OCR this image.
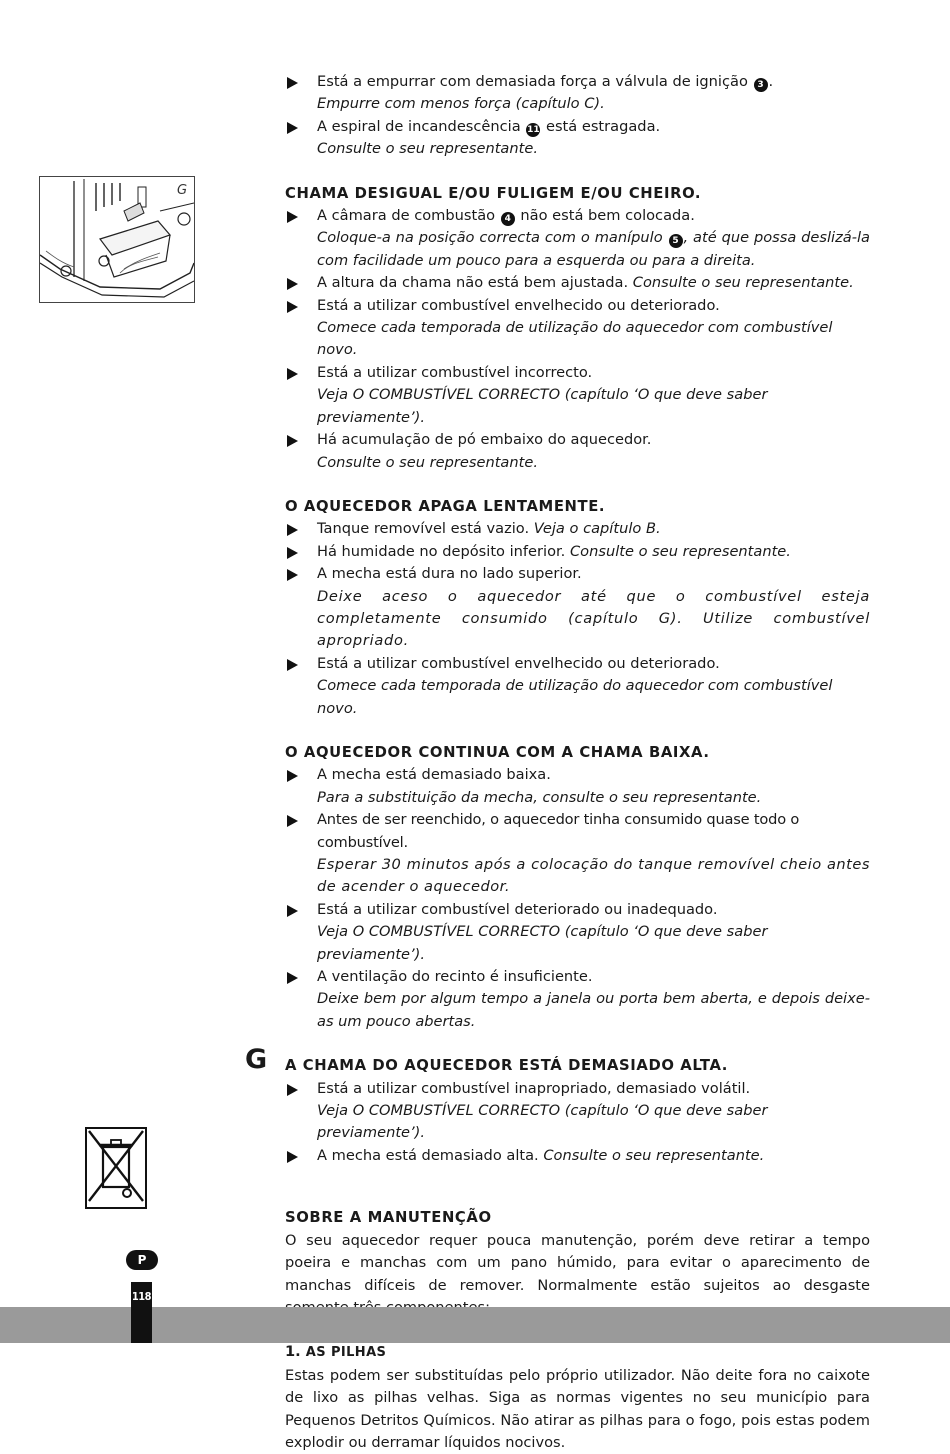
G
Está a empurrar com demasiada força a válvula de ignição 3 .
Empurre com menos força (capítulo C).
A espiral de incandescência 11 está estragada.
Consulte o seu representante.
CHAMA DESIGUAL E/OU FULIGEM E/OU CHEIRO.
A câmara de combustão 4 não está bem colocada.
Coloque-a na posição correcta com o manípulo 5 , até que possa deslizá-la com facilidade um pouco para a esquerda ou para a direita.
A altura da chama não está bem ajustada. Consulte o seu representante.
Está a utilizar combustível envelhecido ou deteriorado.
Comece cada temporada de utilização do aquecedor com combustível novo.
Está a utilizar combustível incorrecto.
Veja O COMBUSTÍVEL CORRECTO (capítulo ‘O que deve saber previamente’).
Há acumulação de pó embaixo do aquecedor.
Consulte o seu representante.
O AQUECEDOR APAGA LENTAMENTE.
Tanque removível está vazio. Veja o capítulo B.
Há humidade no depósito inferior. Consulte o seu representante.
A mecha está dura no lado superior.
Deixe aceso o aquecedor até que o combustível esteja completamente consumido (capítulo G). Utilize combustível apropriado.
Está a utilizar combustível envelhecido ou deteriorado.
Comece cada temporada de utilização do aquecedor com combustível novo.
O AQUECEDOR CONTINUA COM A CHAMA BAIXA.
A mecha está demasiado baixa.
Para a substituição da mecha, consulte o seu representante.
Antes de ser reenchido, o aquecedor tinha consumido quase todo o combustível.
Esperar 30 minutos após a colocação do tanque removível cheio antes de acender o aquecedor.
Está a utilizar combustível deteriorado ou inadequado.
Veja O COMBUSTÍVEL CORRECTO (capítulo ‘O que deve saber previamente’).
A ventilação do recinto é insuficiente.
Deixe bem por algum tempo a janela ou porta bem aberta, e depois deixe-as um pouco abertas.
A CHAMA DO AQUECEDOR ESTÁ DEMASIADO ALTA.
Está a utilizar combustível inapropriado, demasiado volátil.
Veja O COMBUSTÍVEL CORRECTO (capítulo ‘O que deve saber previamente’).
A mecha está demasiado alta. Consulte o seu representante.
SOBRE A MANUTENÇÃO
O seu aquecedor requer pouca manutenção, porém deve retirar a tempo poeira e manchas com um pano húmido, para evitar o aparecimento de manchas difíceis de remover. Normalmente estão sujeitos ao desgaste
1. AS PILHAS
Estas podem ser substituídas pelo próprio utilizador. Não deite fora no caixote de lixo as pilhas velhas. Siga as normas vigentes no seu município para Pequenos Detritos Químicos. Não atirar as pilhas para o fogo, pois estas podem explodir ou derramar líquidos nocivos.
G
P
118
